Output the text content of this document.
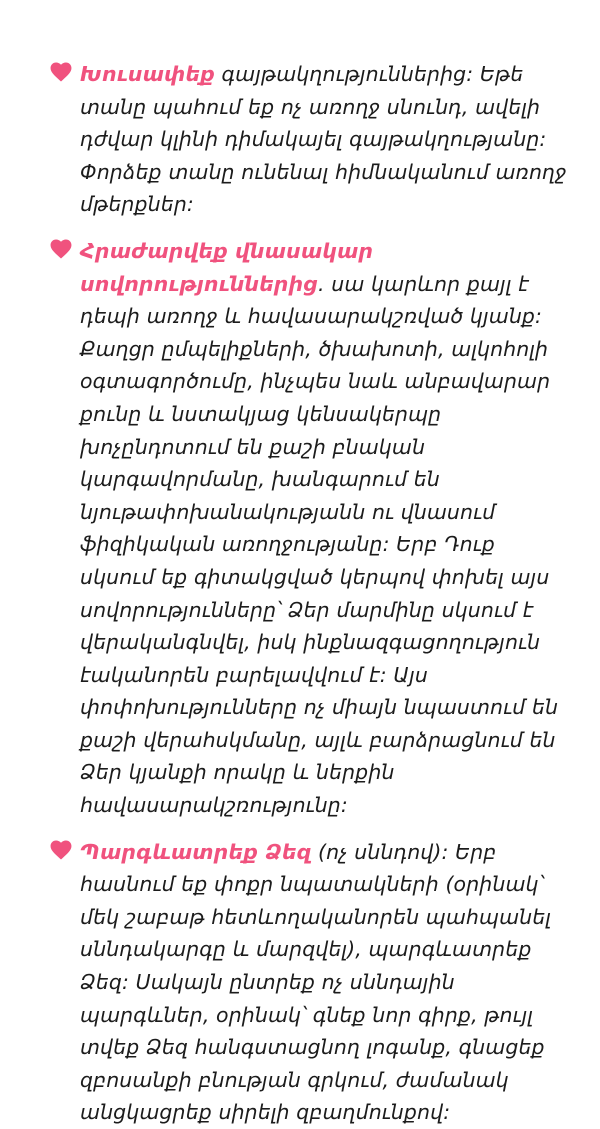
Խուսափեք գայթակղություններից: Եթե տանը պահում եք ոչ առողջ սնունդ, ավելի դժվար կլինի դիմակայել գայթակղությանը: Փորձեք տանը ունենալ հիմնականում առողջ մթերքներ:
Հրաժարվեք վնասակար սովորություններից. սա կարևոր քայլ է դեպի առողջ և հավասարակշռված կյանք: Քաղցր ըմպելիքների, ծխախոտի, ալկոհոլի օգտագործումը, ինչպես նաև անբավարար քունը և նստակյաց կենսակերպը խոչընդոտում են քաշի բնական կարգավորմանը, խանգարում են նյութափոխանակությանն ու վնասում ֆիզիկական առողջությանը: Երբ Դուք սկսում եք գիտակցված կերպով փոխել այս սովորությունները՝ Ձեր մարմինը սկսում է վերականգնվել, իսկ ինքնազգացողություն էականորեն բարելավվում է: Այս փոփոխությունները ոչ միայն նպաստում են քաշի վերահսկմանը, այլև բարձրացնում են Ձեր կյանքի որակը և ներքին հավասարակշռությունը:
Պարգևատրեք Ձեզ (ոչ սննդով): Երբ հասնում եք փոքր նպատակների (օրինակ՝ մեկ շաբաթ հետևողականորեն պահպանել սննդակարգը և մարզվել), պարգևատրեք Ձեզ: Սակայն ընտրեք ոչ սննդային պարգևներ, օրինակ՝ գնեք նոր գիրք, թույլ տվեք Ձեզ հանգստացնող լոգանք, գնացեք զբոսանքի բնության գրկում, ժամանակ անցկացրեք սիրելի զբաղմունքով:
